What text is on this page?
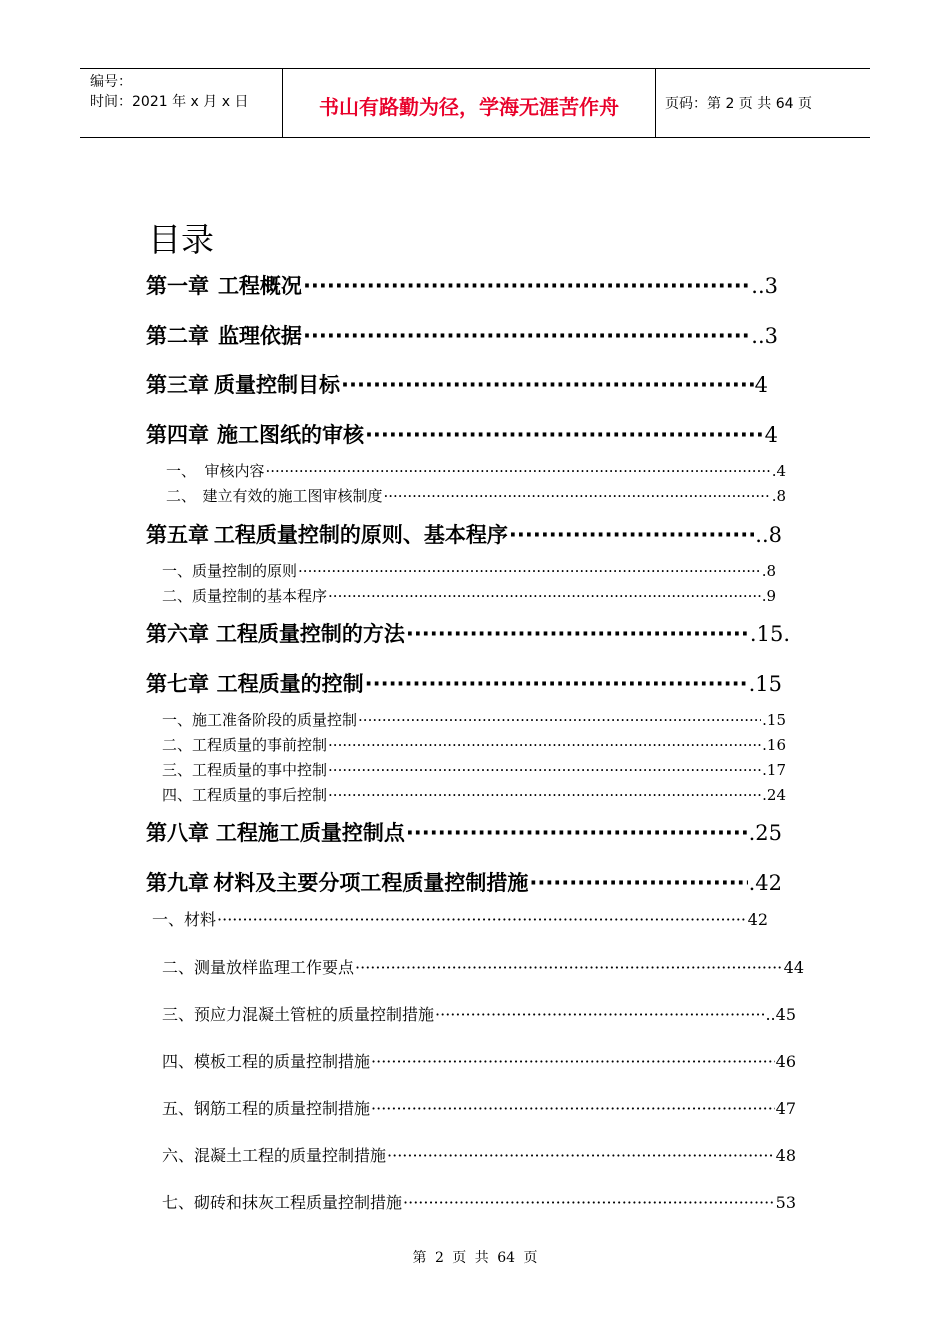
编号：
时间：2021 年 x 月 x 日	书山有路勤为径，学海无涯苦作舟	页码：第 2 页 共 64 页
目录
第一章 工程概况 ·····	..3
第二章 监理依据 ·····	..3
第三章 质量控制目标 ·····	4
第四章 施工图纸的审核 ·····	4
一、 审核内容 ·····	.4
二、 建立有效的施工图审核制度 ·····	.8
第五章 工程质量控制的原则、基本程序 ·····	..8
一、 质量控制的原则 ·····	.8
二、 质量控制的基本程序 ·····	.9
第六章 工程质量控制的方法 ·····	.15.
第七章 工程质量的控制 ·····	.15
一、 施工准备阶段的质量控制 ·····	.15
二、 工程质量的事前控制 ·····	.16
三、 工程质量的事中控制 ·····	.17
四、 工程质量的事后控制 ·····	.24
第八章 工程施工质量控制点 ·····	.25
第九章 材料及主要分项工程质量控制措施 ·····	.42
一、 材料 ·····	42
二、 测量放样监理工作要点 ·····	44
三、 预应力混凝土管桩的质量控制措施 ·····	..45
四、 模板工程的质量控制措施 ·····	46
五、 钢筋工程的质量控制措施 ·····	47
六、 混凝土工程的质量控制措施 ·····	48
七、 砌砖和抹灰工程质量控制措施 ·····	53
第 2 页 共 64 页
